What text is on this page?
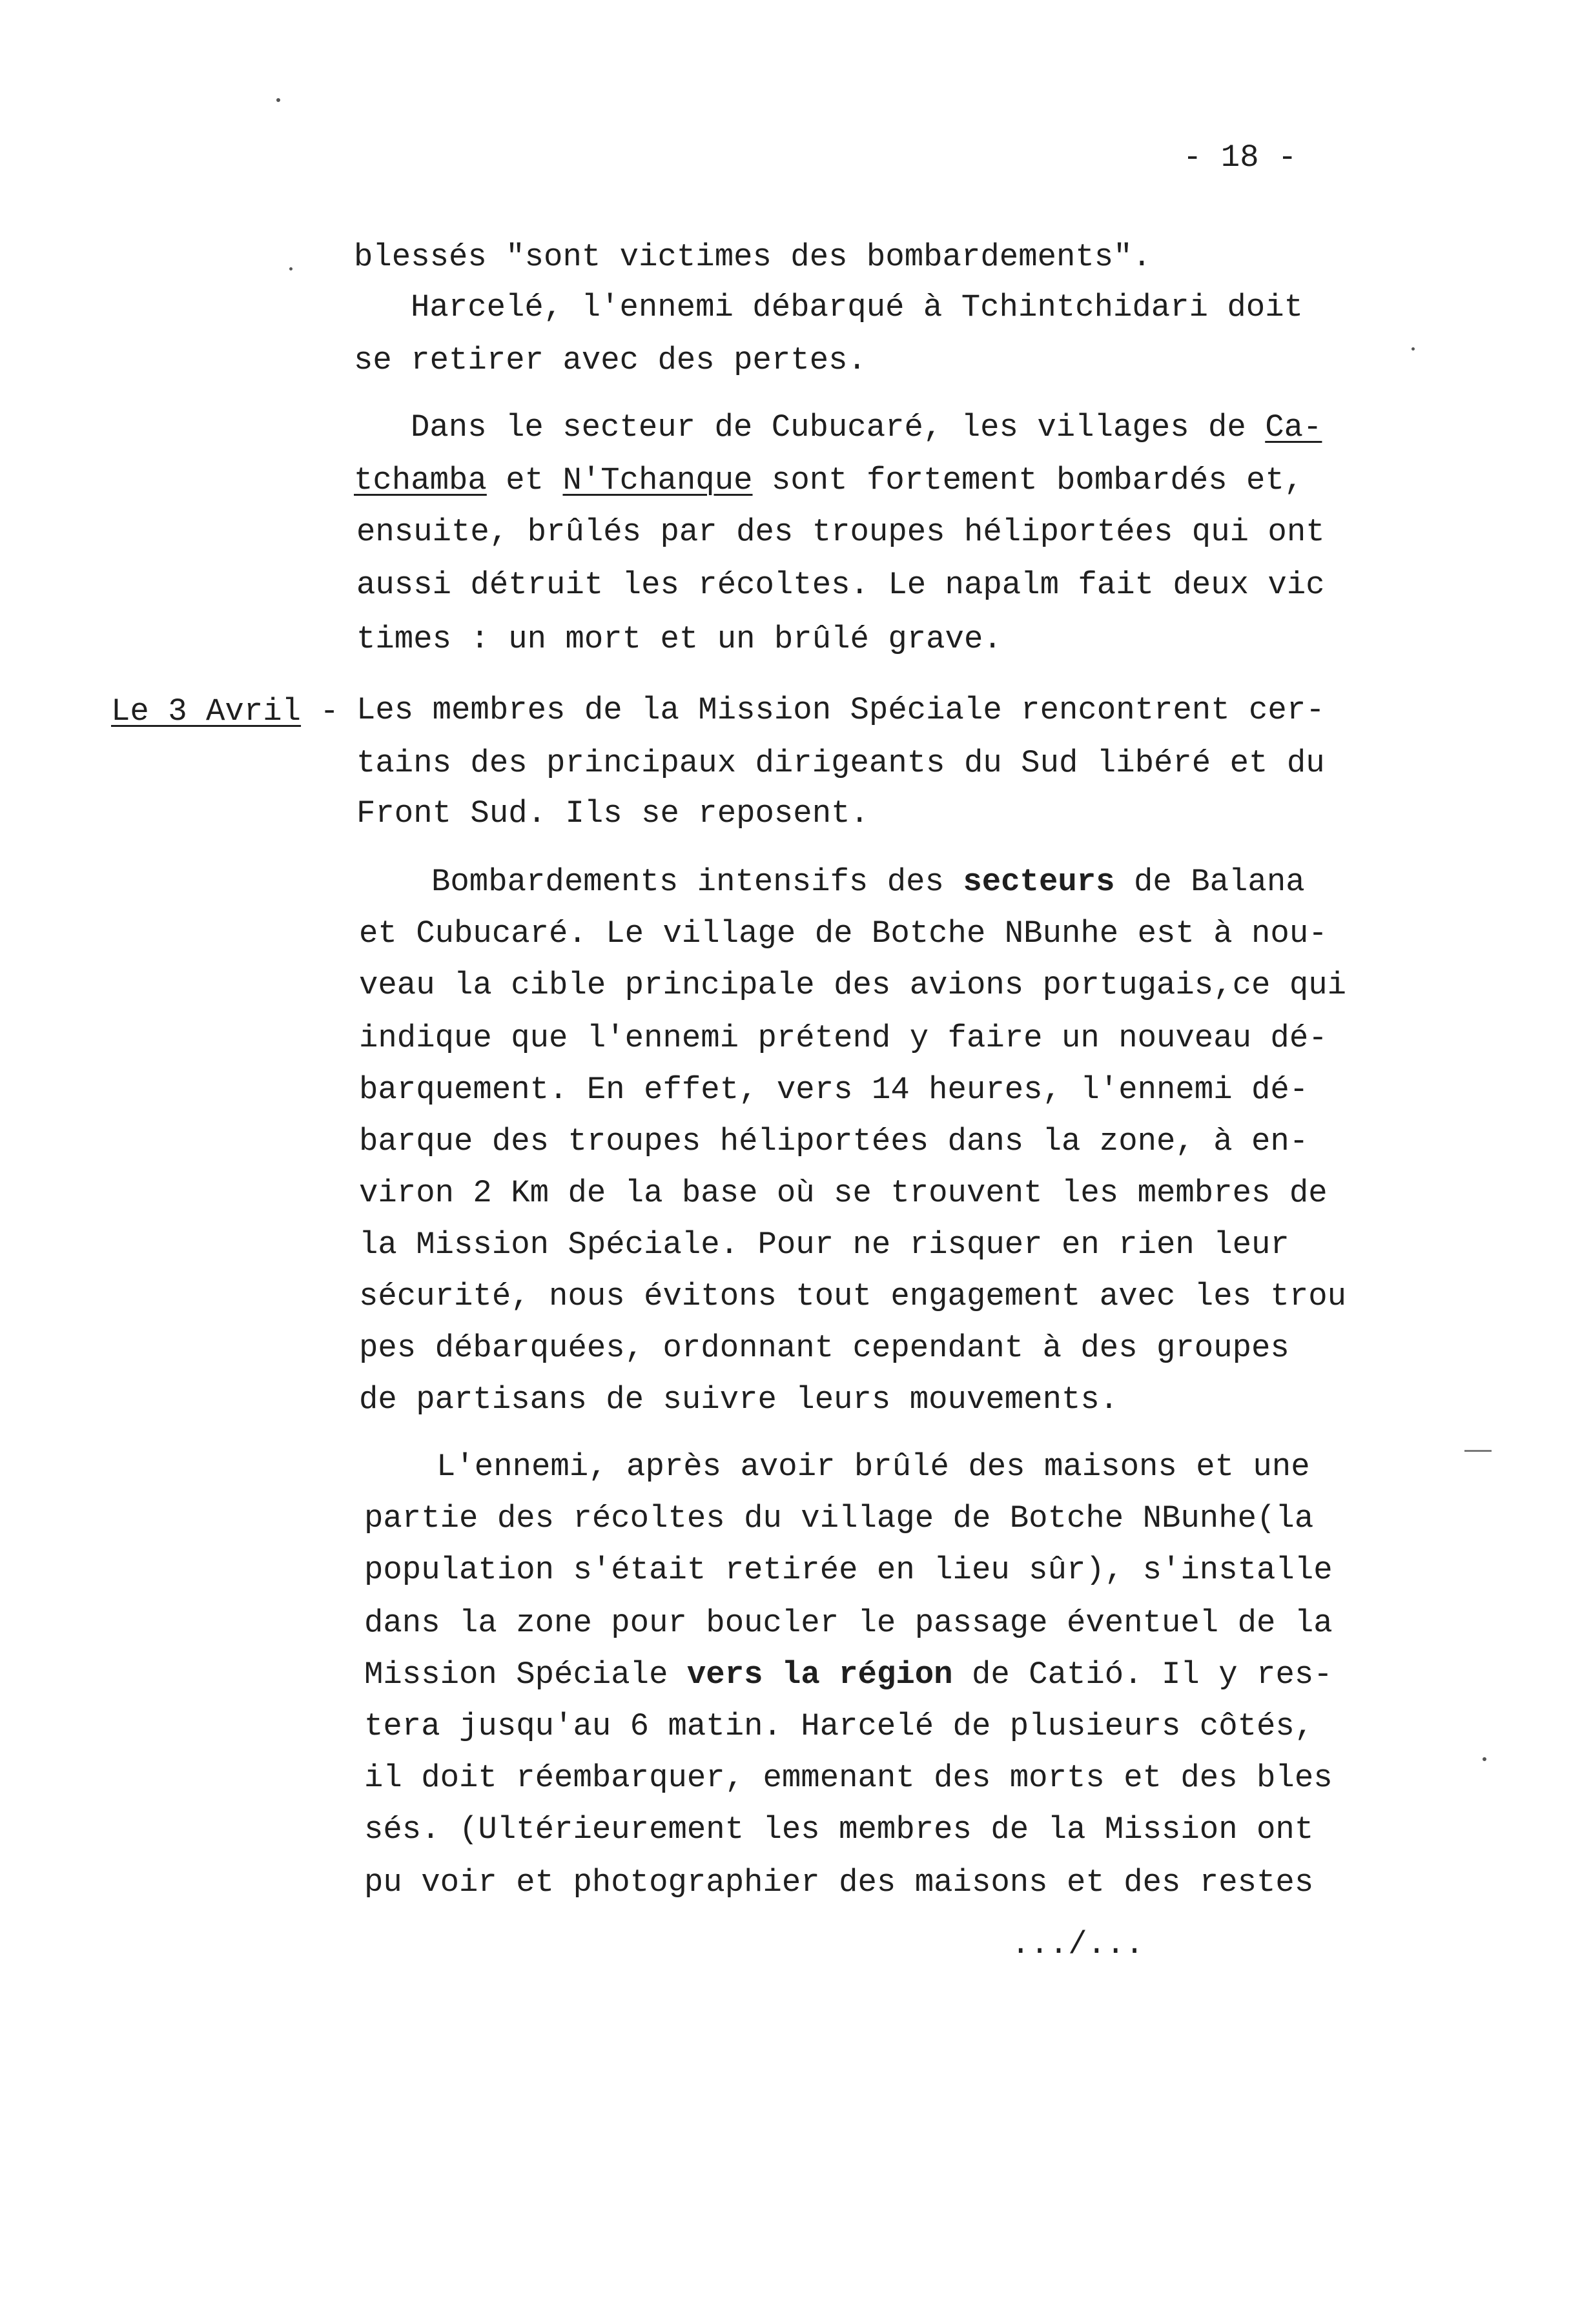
- 18 -
Le 3 Avril -
blessés "sont victimes des bombardements".
Harcelé, l'ennemi débarqué à Tchintchidari doit
se retirer avec des pertes.
Dans le secteur de Cubucaré, les villages de Ca-
tchamba et N'Tchanque sont fortement bombardés et,
ensuite, brûlés par des troupes héliportées qui ont
aussi détruit les récoltes. Le napalm fait deux vic
times : un mort et un brûlé grave.
Les membres de la Mission Spéciale rencontrent cer-
tains des principaux dirigeants du Sud libéré et du
Front Sud. Ils se reposent.
Bombardements intensifs des secteurs de Balana
et Cubucaré. Le village de Botche NBunhe est à nou-
veau la cible principale des avions portugais,ce qui
indique que l'ennemi prétend y faire un nouveau dé-
barquement. En effet, vers 14 heures, l'ennemi dé-
barque des troupes héliportées dans la zone, à en-
viron 2 Km de la base où se trouvent les membres de
la Mission Spéciale. Pour ne risquer en rien leur
sécurité, nous évitons tout engagement avec les trou
pes débarquées, ordonnant cependant à des groupes
de partisans de suivre leurs mouvements.
L'ennemi, après avoir brûlé des maisons et une
partie des récoltes du village de Botche NBunhe(la
population s'était retirée en lieu sûr), s'installe
dans la zone pour boucler le passage éventuel de la
Mission Spéciale vers la région de Catió. Il y res-
tera jusqu'au 6 matin. Harcelé de plusieurs côtés,
il doit réembarquer, emmenant des morts et des bles
sés. (Ultérieurement les membres de la Mission ont
pu voir et photographier des maisons et des restes
.../...
